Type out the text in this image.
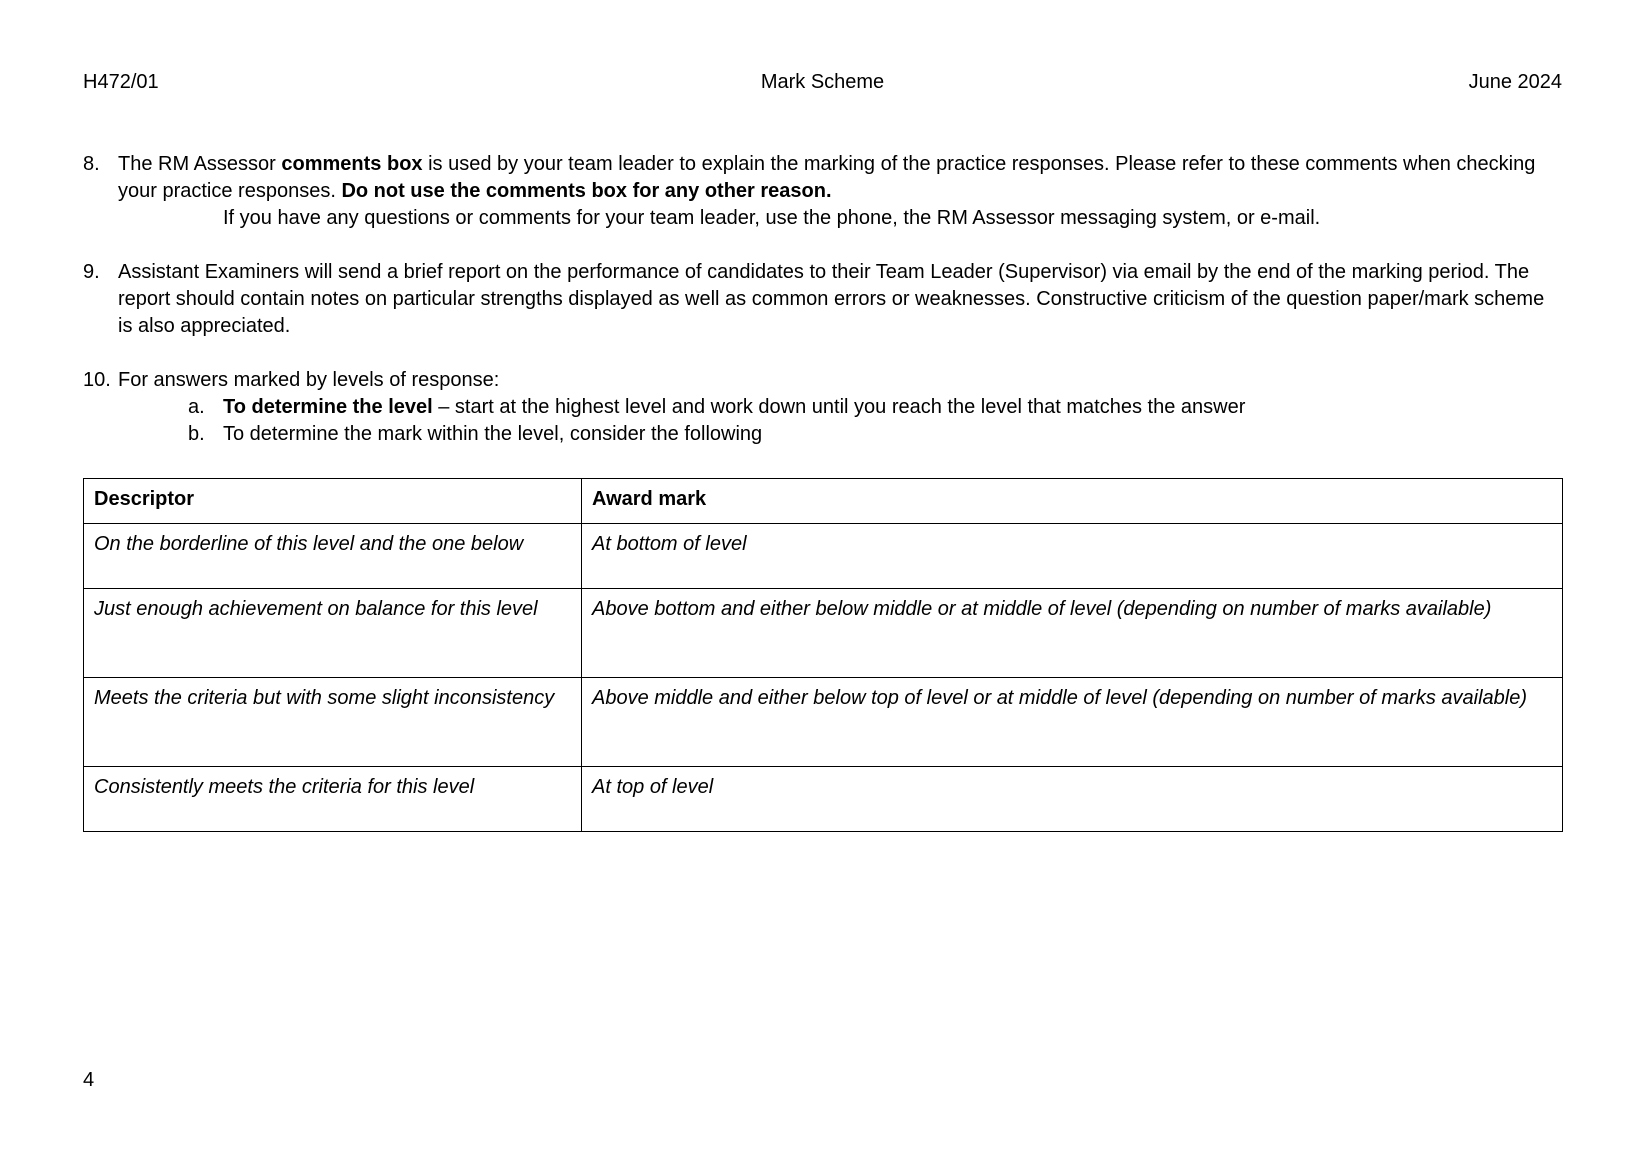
H472/01	Mark Scheme	June 2024
8. The RM Assessor comments box is used by your team leader to explain the marking of the practice responses. Please refer to these comments when checking your practice responses. Do not use the comments box for any other reason.
If you have any questions or comments for your team leader, use the phone, the RM Assessor messaging system, or e-mail.
9. Assistant Examiners will send a brief report on the performance of candidates to their Team Leader (Supervisor) via email by the end of the marking period. The report should contain notes on particular strengths displayed as well as common errors or weaknesses. Constructive criticism of the question paper/mark scheme is also appreciated.
10. For answers marked by levels of response:
a. To determine the level – start at the highest level and work down until you reach the level that matches the answer
b. To determine the mark within the level, consider the following
Descriptor	Award mark
On the borderline of this level and the one below	At bottom of level
Just enough achievement on balance for this level	Above bottom and either below middle or at middle of level (depending on number of marks available)
Meets the criteria but with some slight inconsistency	Above middle and either below top of level or at middle of level (depending on number of marks available)
Consistently meets the criteria for this level	At top of level
4
